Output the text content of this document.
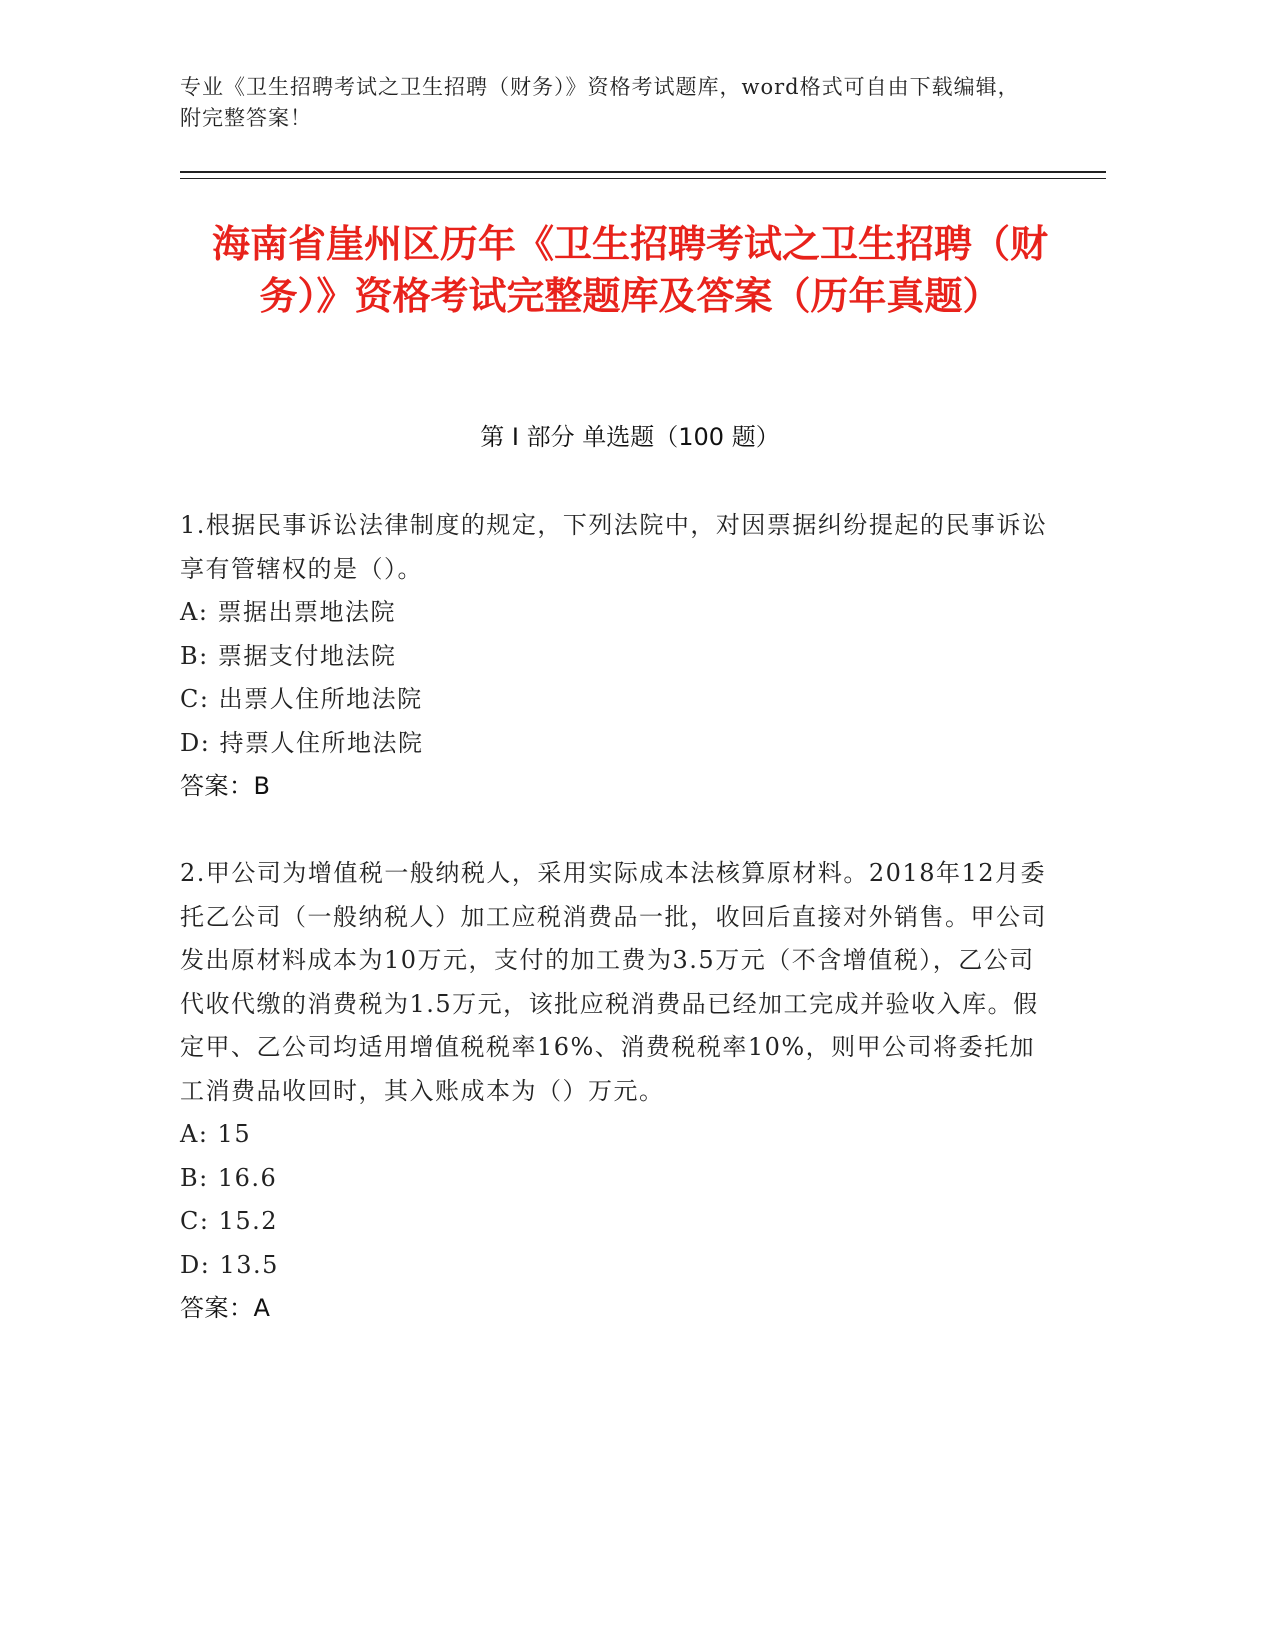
专业《卫生招聘考试之卫生招聘（财务）》资格考试题库，word格式可自由下载编辑，附完整答案！
海南省崖州区历年《卫生招聘考试之卫生招聘（财务）》资格考试完整题库及答案（历年真题）
第 I 部分 单选题（100 题）
1.根据民事诉讼法律制度的规定，下列法院中，对因票据纠纷提起的民事诉讼享有管辖权的是（）。
A: 票据出票地法院
B: 票据支付地法院
C: 出票人住所地法院
D: 持票人住所地法院
答案：B
2.甲公司为增值税一般纳税人，采用实际成本法核算原材料。2018年12月委托乙公司（一般纳税人）加工应税消费品一批，收回后直接对外销售。甲公司发出原材料成本为10万元，支付的加工费为3.5万元（不含增值税），乙公司代收代缴的消费税为1.5万元，该批应税消费品已经加工完成并验收入库。假定甲、乙公司均适用增值税税率16%、消费税税率10%，则甲公司将委托加工消费品收回时，其入账成本为（）万元。
A: 15
B: 16.6
C: 15.2
D: 13.5
答案：A
